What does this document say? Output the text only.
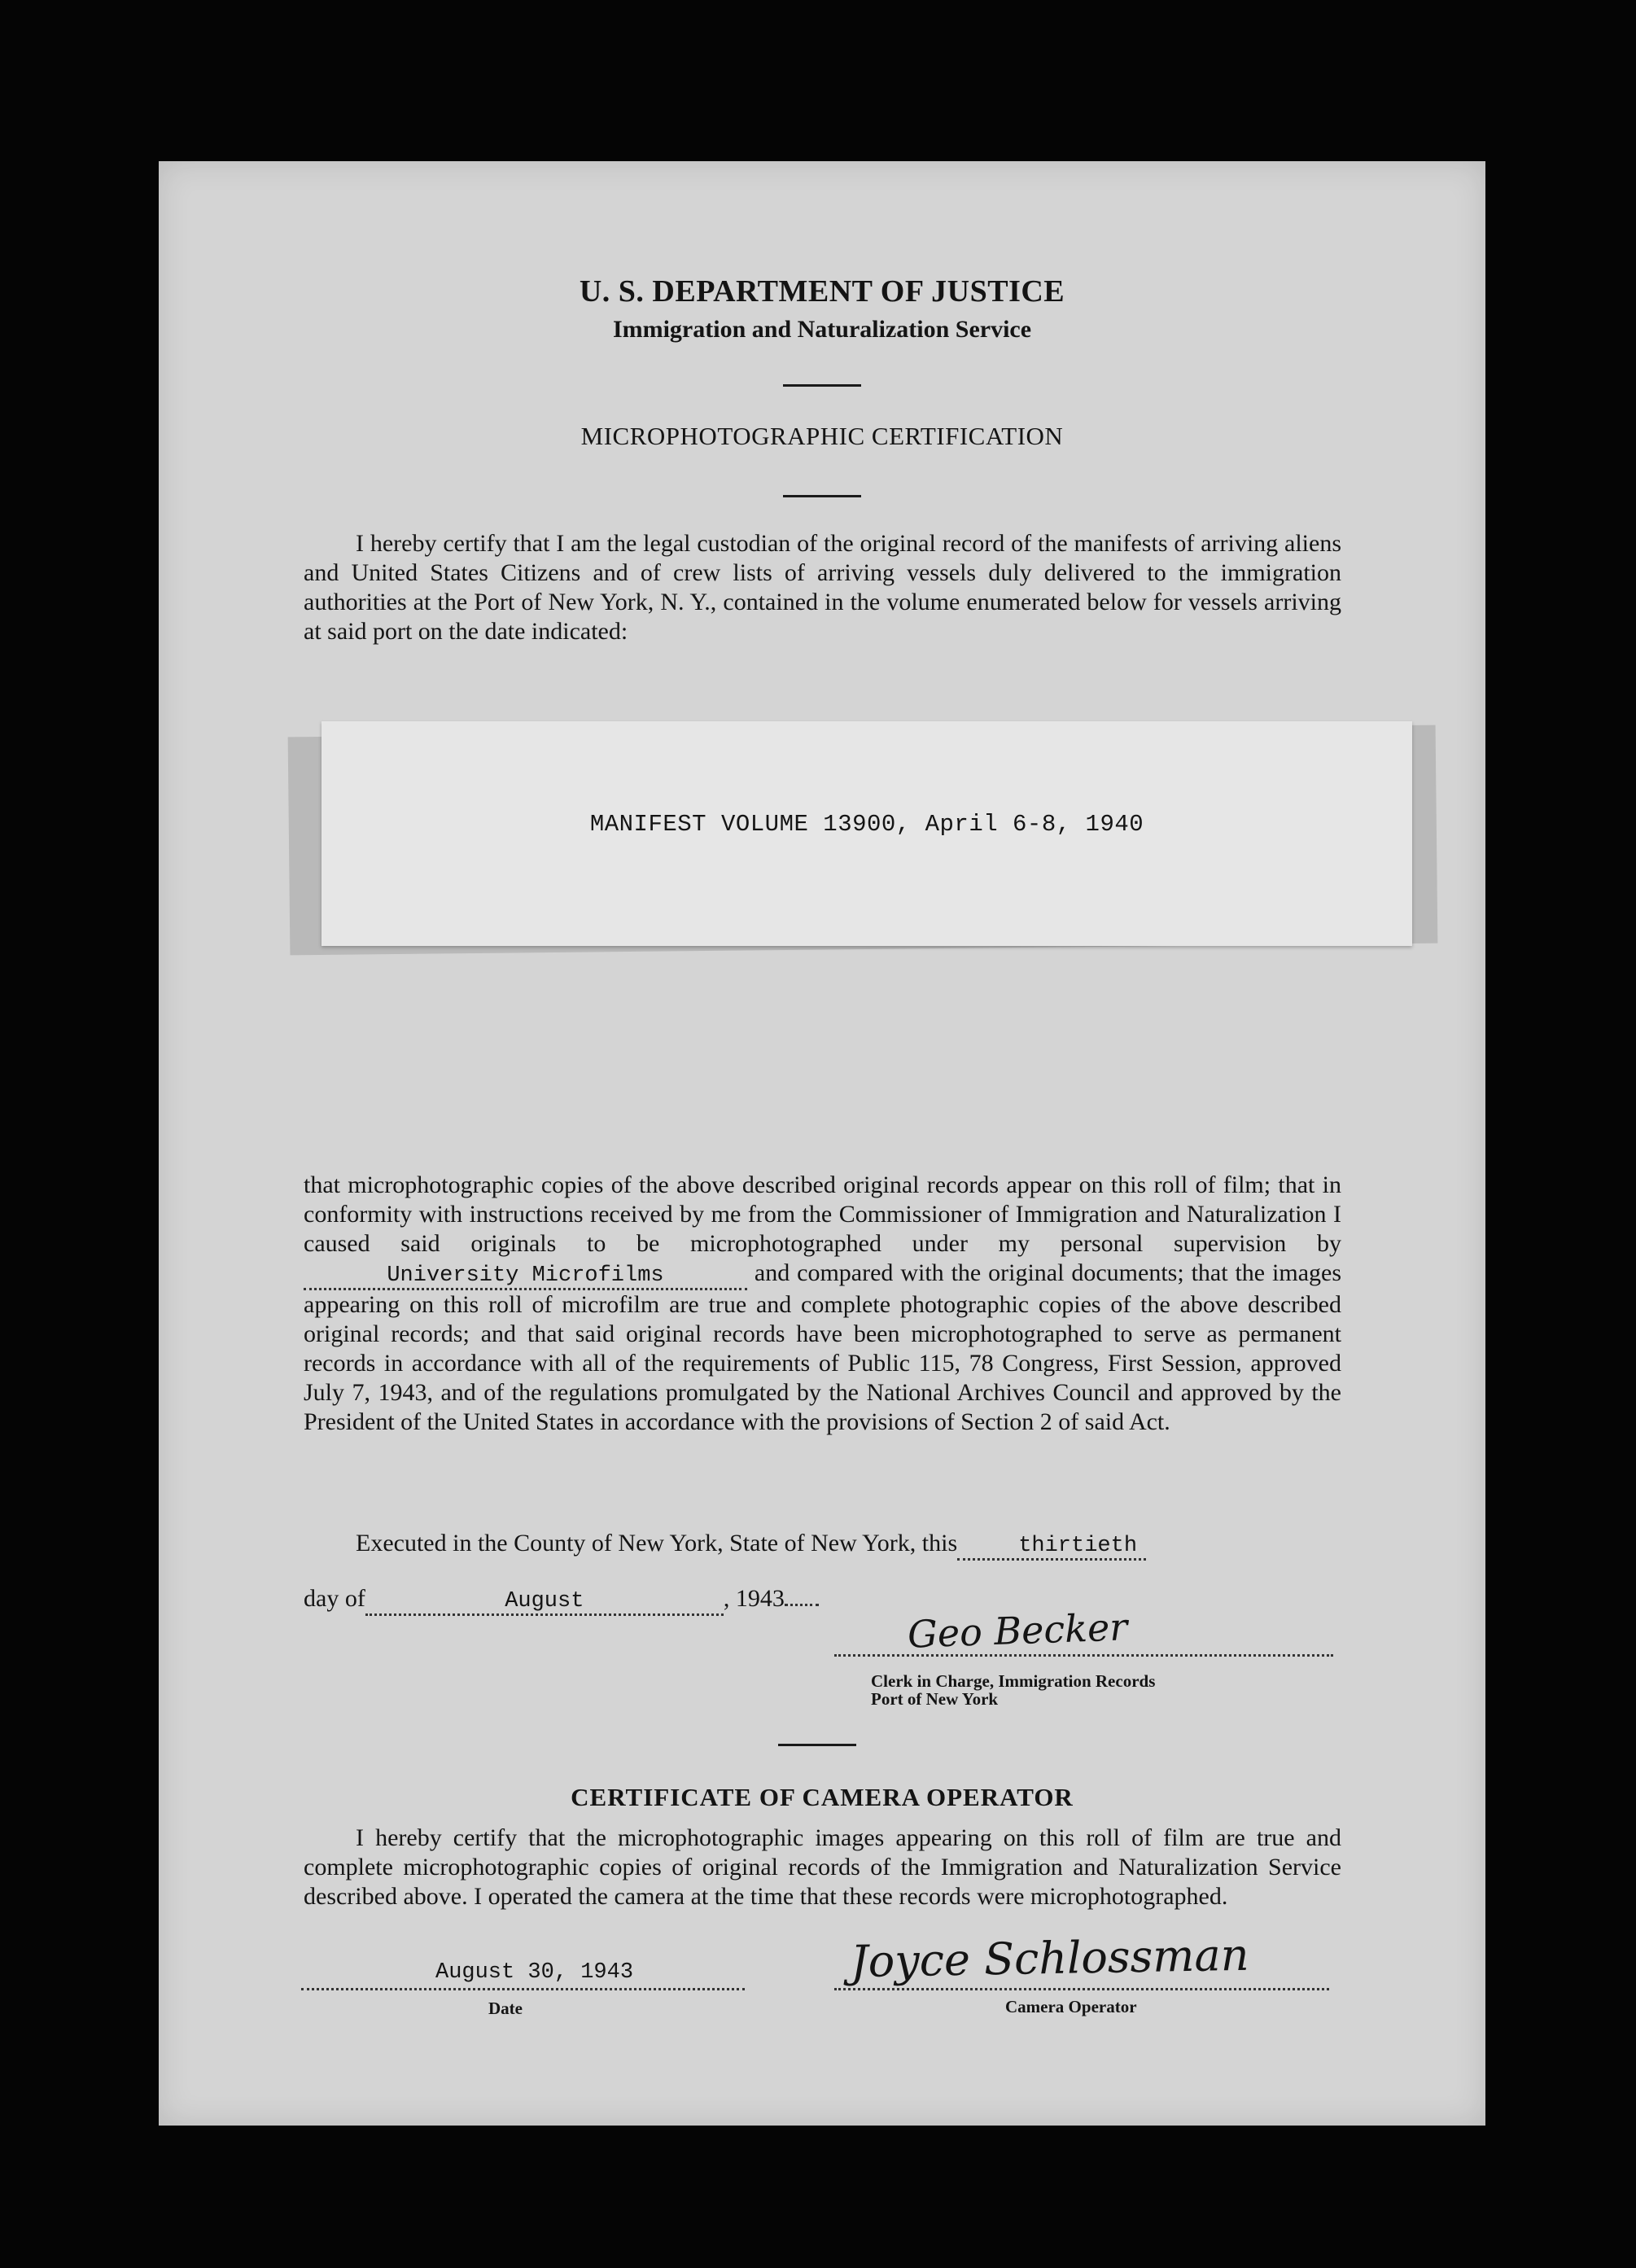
U. S. DEPARTMENT OF JUSTICE
Immigration and Naturalization Service
MICROPHOTOGRAPHIC CERTIFICATION

I hereby certify that I am the legal custodian of the original record of the manifests of arriving aliens and United States Citizens and of crew lists of arriving vessels duly delivered to the immigration authorities at the Port of New York, N. Y., contained in the volume enumerated below for vessels arriving at said port on the date indicated:

MANIFEST VOLUME 13900, April 6-8, 1940

that microphotographic copies of the above described original records appear on this roll of film; that in conformity with instructions received by me from the Commissioner of Immigration and Naturalization I caused said originals to be microphotographed under my personal supervision byUniversity Microfilms	and compared with the original documents; that the images appearing on this roll of microfilm are true and complete photographic copies of the above described original records; and that said original records have been microphotographed to serve as permanent records in accordance with all of the requirements of Public 115, 78 Congress, First Session, approved July 7, 1943, and of the regulations promulgated by the National Archives Council and approved by the President of the United States in accordance with the provisions of Section 2 of said Act.

Executed in the County of New York, State of New York, this	thirtieth

day of	August	, 1943

Geo Becker
Clerk in Charge, Immigration Records
Port of New York
CERTIFICATE OF CAMERA OPERATOR

I hereby certify that the microphotographic images appearing on this roll of film are true and complete microphotographic copies of original records of the Immigration and Naturalization Service described above. I operated the camera at the time that these records were microphotographed.

August 30, 1943
Date
Joyce Schlossman
Camera Operator
